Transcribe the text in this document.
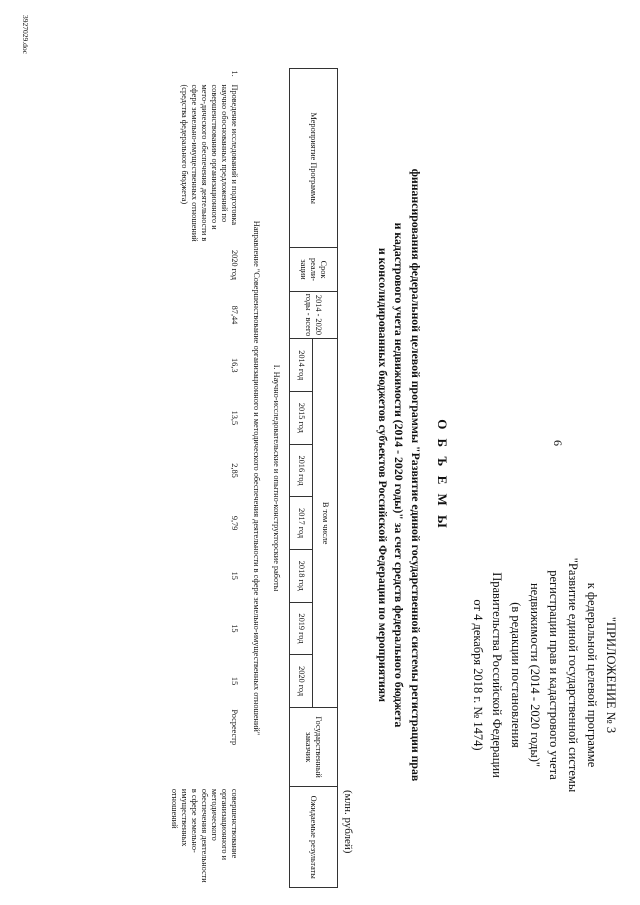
6
"ПРИЛОЖЕНИЕ № 3
к федеральной целевой программе
"Развитие единой государственной системы
регистрации прав и кадастрового учета
недвижимости (2014 - 2020 годы)"
(в редакции постановления
Правительства Российской Федерации
от 4 декабря 2018 г. № 1474)
О Б Ъ Е М Ы
финансирования федеральной целевой программы "Развитие единой государственной системы регистрации прав
и кадастрового учета недвижимости (2014 - 2020 годы)" за счет средств федерального бюджета
и консолидированных бюджетов субъектов Российской Федерации по мероприятиям
(млн. рублей)
Мероприятие Программы	Срок реали-зации	2014 - 2020 годы - всего	В том числе							Государственный заказчик	Ожидаемые результаты
			2014 год	2015 год	2016 год	2017 год	2018 год	2019 год	2020 год		
I. Научно-исследовательские и опытно-конструкторские работы											
Направление "Совершенствование организационного и методического обеспечения деятельности в сфере земельно-имущественных отношений"											

1.
Проведение исследований и подготовка научно обоснованных предложений по совершенствованию организационного и мето-дического обеспечения деятельности в сфере земельно-имущественных отношений (средства федерального бюджета)	2020 год	87,44	16,3	13,5	2,85	9,79	15	15	15	Росреестр	совершенствование организационного и методического обеспечения деятельности в сфере земельно-имущественных отношений
3927029.doc
